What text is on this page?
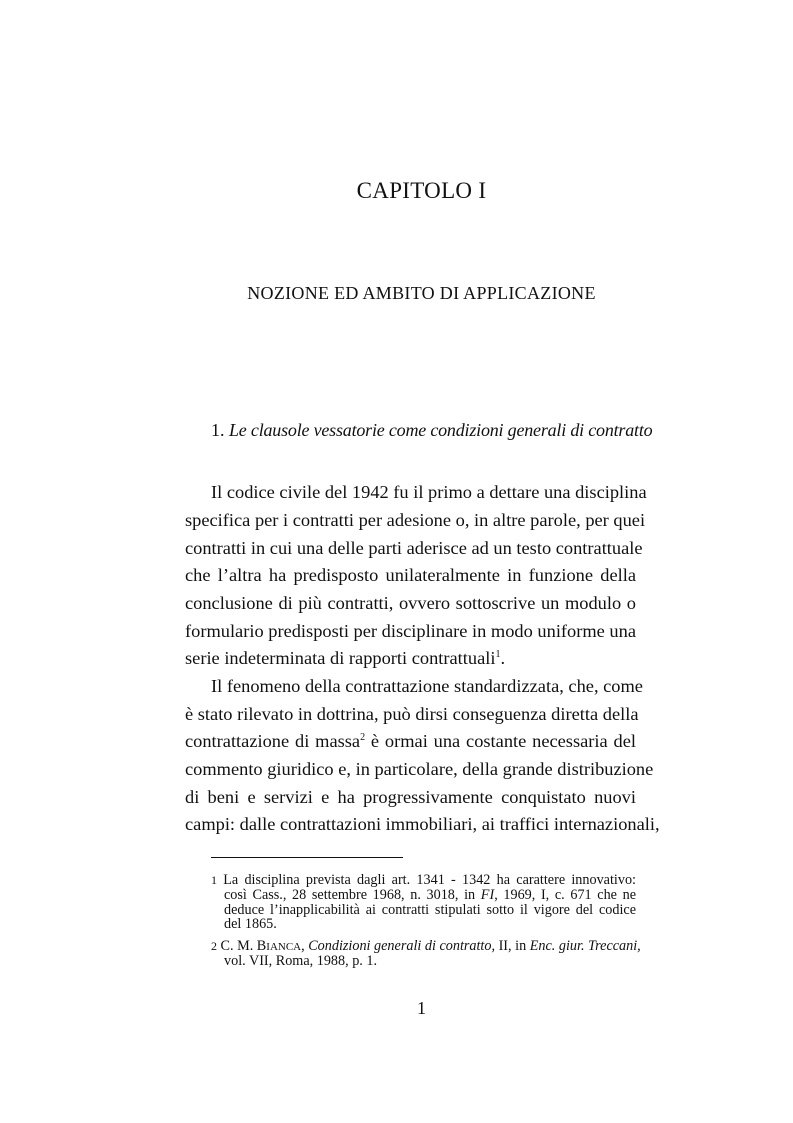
CAPITOLO I
NOZIONE ED AMBITO DI APPLICAZIONE
1. Le clausole vessatorie come condizioni generali di contratto
Il codice civile del 1942 fu il primo a dettare una disciplina
specifica per i contratti per adesione o, in altre parole, per quei
contratti in cui una delle parti aderisce ad un testo contrattuale
che l’altra ha predisposto unilateralmente in funzione della
conclusione di più contratti, ovvero sottoscrive un modulo o
formulario predisposti per disciplinare in modo uniforme una
serie indeterminata di rapporti contrattuali$^1$.
Il fenomeno della contrattazione standardizzata, che, come
è stato rilevato in dottrina, può dirsi conseguenza diretta della
contrattazione di massa$^2$ è ormai una costante necessaria del
commento giuridico e, in particolare, della grande distribuzione
di beni e servizi e ha progressivamente conquistato nuovi
campi: dalle contrattazioni immobiliari, ai traffici internazionali,
1 La disciplina prevista dagli art. 1341 - 1342 ha carattere innovativo:
così Cass., 28 settembre 1968, n. 3018, in FI, 1969, I, c. 671 che ne
deduce l’inapplicabilità ai contratti stipulati sotto il vigore del codice
del 1865.
2 C. M. BIANCA, Condizioni generali di contratto, II, in Enc. giur. Treccani,
vol. VII, Roma, 1988, p. 1.
1
